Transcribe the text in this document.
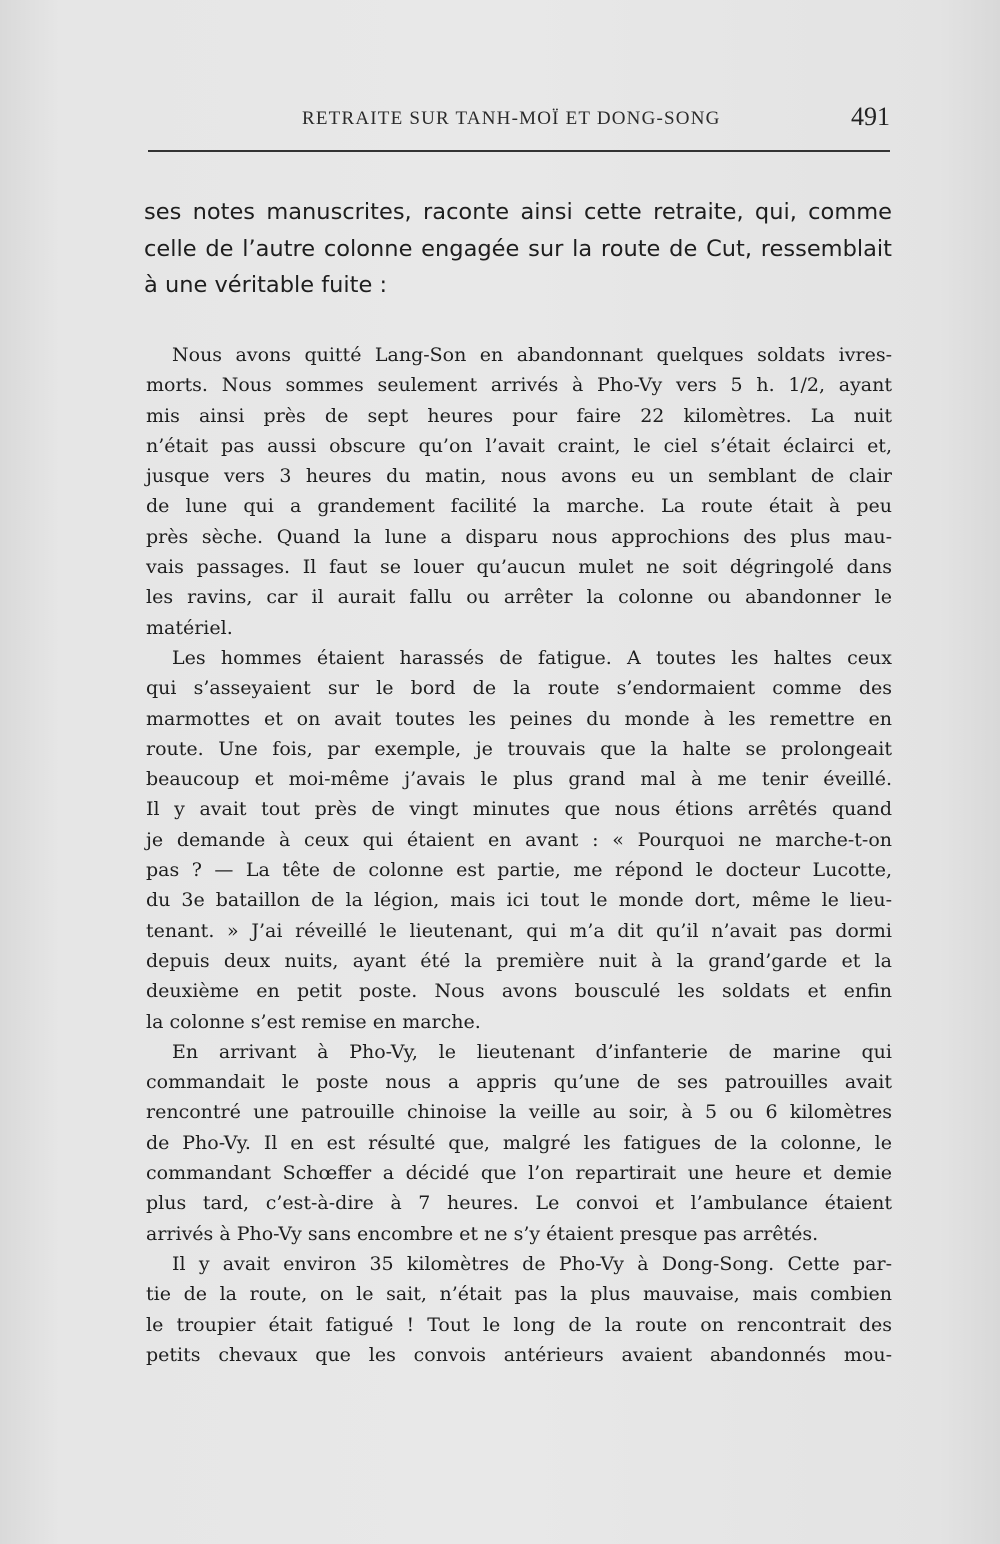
RETRAITE SUR TANH-MOÏ ET DONG-SONG	491

ses notes manuscrites, raconte ainsi cette retraite, qui, comme
celle de l’autre colonne engagée sur la route de Cut, ressemblait
à une véritable fuite :

Nous avons quitté Lang-Son en abandonnant quelques soldats ivres-
morts. Nous sommes seulement arrivés à Pho-Vy vers 5 h. 1/2, ayant
mis ainsi près de sept heures pour faire 22 kilomètres. La nuit
n’était pas aussi obscure qu’on l’avait craint, le ciel s’était éclairci et,
jusque vers 3 heures du matin, nous avons eu un semblant de clair
de lune qui a grandement facilité la marche. La route était à peu
près sèche. Quand la lune a disparu nous approchions des plus mau-
vais passages. Il faut se louer qu’aucun mulet ne soit dégringolé dans
les ravins, car il aurait fallu ou arrêter la colonne ou abandonner le
matériel.

Les hommes étaient harassés de fatigue. A toutes les haltes ceux
qui s’asseyaient sur le bord de la route s’endormaient comme des
marmottes et on avait toutes les peines du monde à les remettre en
route. Une fois, par exemple, je trouvais que la halte se prolongeait
beaucoup et moi-même j’avais le plus grand mal à me tenir éveillé.
Il y avait tout près de vingt minutes que nous étions arrêtés quand
je demande à ceux qui étaient en avant : « Pourquoi ne marche-t-on
pas ? — La tête de colonne est partie, me répond le docteur Lucotte,
du 3e bataillon de la légion, mais ici tout le monde dort, même le lieu-
tenant. » J’ai réveillé le lieutenant, qui m’a dit qu’il n’avait pas dormi
depuis deux nuits, ayant été la première nuit à la grand’garde et la
deuxième en petit poste. Nous avons bousculé les soldats et enfin
la colonne s’est remise en marche.

En arrivant à Pho-Vy, le lieutenant d’infanterie de marine qui
commandait le poste nous a appris qu’une de ses patrouilles avait
rencontré une patrouille chinoise la veille au soir, à 5 ou 6 kilomètres
de Pho-Vy. Il en est résulté que, malgré les fatigues de la colonne, le
commandant Schœffer a décidé que l’on repartirait une heure et demie
plus tard, c’est-à-dire à 7 heures. Le convoi et l’ambulance étaient
arrivés à Pho-Vy sans encombre et ne s’y étaient presque pas arrêtés.

Il y avait environ 35 kilomètres de Pho-Vy à Dong-Song. Cette par-
tie de la route, on le sait, n’était pas la plus mauvaise, mais combien
le troupier était fatigué ! Tout le long de la route on rencontrait des
petits chevaux que les convois antérieurs avaient abandonnés mou-
